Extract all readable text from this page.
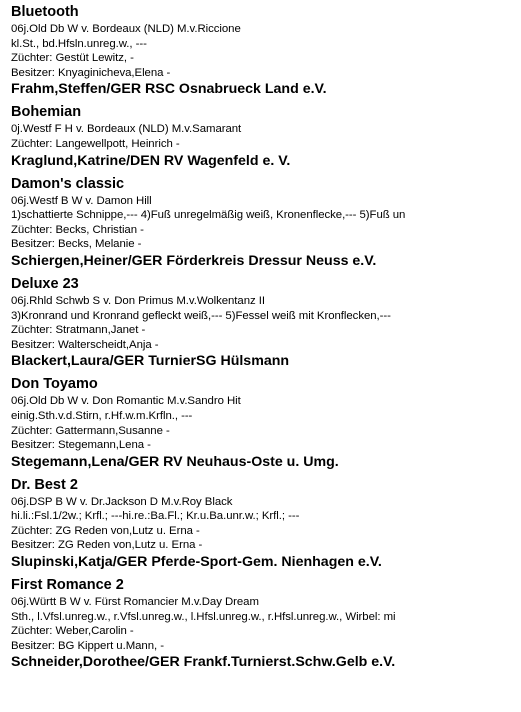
Bluetooth
06j.Old Db W v. Bordeaux (NLD) M.v.Riccione
kl.St., bd.Hfsln.unreg.w., ---
Züchter: Gestüt Lewitz, -
Besitzer: Knyaginicheva,Elena -
Frahm,Steffen/GER RSC Osnabrueck Land e.V.
Bohemian
0j.Westf F H v. Bordeaux (NLD) M.v.Samarant
Züchter: Langewellpott, Heinrich -
Kraglund,Katrine/DEN RV Wagenfeld e. V.
Damon's classic
06j.Westf B W v. Damon Hill
1)schattierte Schnippe,--- 4)Fuß unregelmäßig weiß, Kronenflecke,--- 5)Fuß un
Züchter: Becks, Christian -
Besitzer: Becks, Melanie -
Schiergen,Heiner/GER Förderkreis Dressur Neuss e.V.
Deluxe 23
06j.Rhld Schwb S v. Don Primus M.v.Wolkentanz II
3)Kronrand und Kronrand gefleckt weiß,--- 5)Fessel weiß mit Kronflecken,---
Züchter: Stratmann,Janet -
Besitzer: Walterscheidt,Anja -
Blackert,Laura/GER TurnierSG Hülsmann
Don Toyamo
06j.Old Db W v. Don Romantic M.v.Sandro Hit
einig.Sth.v.d.Stirn, r.Hf.w.m.Krfln., ---
Züchter: Gattermann,Susanne -
Besitzer: Stegemann,Lena -
Stegemann,Lena/GER RV Neuhaus-Oste u. Umg.
Dr. Best 2
06j.DSP B W v. Dr.Jackson D M.v.Roy Black
hi.li.:Fsl.1/2w.; Krfl.; ---hi.re.:Ba.Fl.; Kr.u.Ba.unr.w.; Krfl.; ---
Züchter: ZG Reden von,Lutz u. Erna -
Besitzer: ZG Reden von,Lutz u. Erna -
Slupinski,Katja/GER Pferde-Sport-Gem. Nienhagen e.V.
First Romance 2
06j.Württ B W v. Fürst Romancier M.v.Day Dream
Sth., l.Vfsl.unreg.w., r.Vfsl.unreg.w., l.Hfsl.unreg.w., r.Hfsl.unreg.w., Wirbel: mi
Züchter: Weber,Carolin -
Besitzer: BG Kippert u.Mann, -
Schneider,Dorothee/GER Frankf.Turnierst.Schw.Gelb e.V.
